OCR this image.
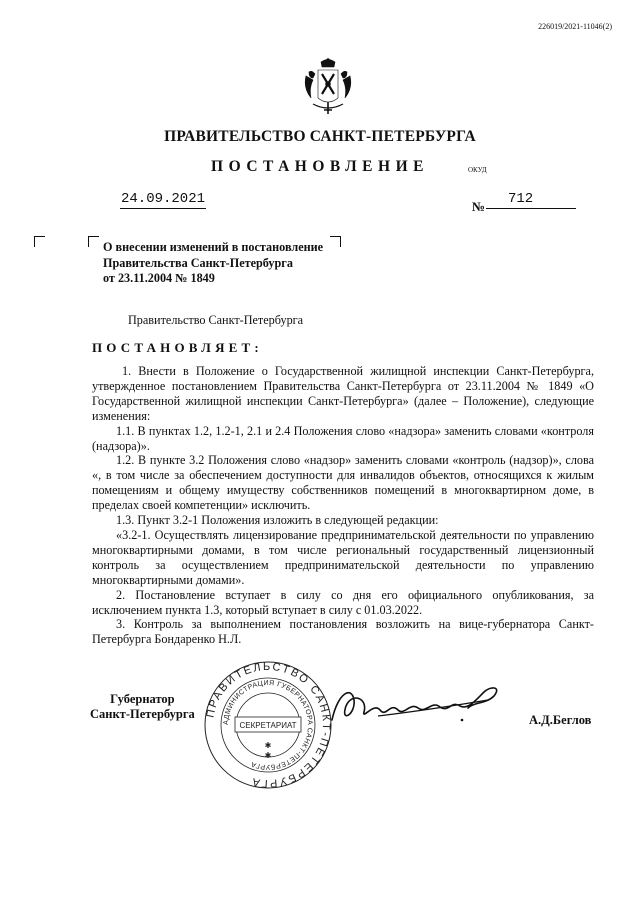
226019/2021-11046(2)
ПРАВИТЕЛЬСТВО САНКТ-ПЕТЕРБУРГА
ПОСТАНОВЛЕНИЕ	ОКУД
24.09.2021	№	712
О внесении изменений в постановление
Правительства Санкт-Петербурга
от 23.11.2004 № 1849
Правительство Санкт-Петербурга
ПОСТАНОВЛЯЕТ:

1. Внести в Положение о Государственной жилищной инспекции Санкт-Петербурга, утвержденное постановлением Правительства Санкт-Петербурга от 23.11.2004 № 1849 «О Государственной жилищной инспекции Санкт-Петербурга» (далее – Положение), следующие изменения:

1.1. В пунктах 1.2, 1.2-1, 2.1 и 2.4 Положения слово «надзора» заменить словами «контроля (надзора)».

1.2. В пункте 3.2 Положения слово «надзор» заменить словами «контроль (надзор)», слова «, в том числе за обеспечением доступности для инвалидов объектов, относящихся к жилым помещениям и общему имуществу собственников помещений в многоквартирном доме, в пределах своей компетенции» исключить.

1.3. Пункт 3.2-1 Положения изложить в следующей редакции:

«3.2-1. Осуществлять лицензирование предпринимательской деятельности по управлению многоквартирными домами, в том числе региональный государственный лицензионный контроль за осуществлением предпринимательской деятельности по управлению многоквартирными домами».

2. Постановление вступает в силу со дня его официального опубликования, за исключением пункта 1.3, который вступает в силу с 01.03.2022.

3. Контроль за выполнением постановления возложить на вице-губернатора Санкт-Петербурга Бондаренко Н.Л.

Губернатор
Санкт-Петербурга ПРАВИТЕЛЬСТВО САНКТ-ПЕТЕРБУРГА
АДМИНИСТРАЦИЯ ГУБЕРНАТОРА САНКТ-ПЕТЕРБУРГА
СЕКРЕТАРИАТ
✱
✱
А.Д.Беглов
